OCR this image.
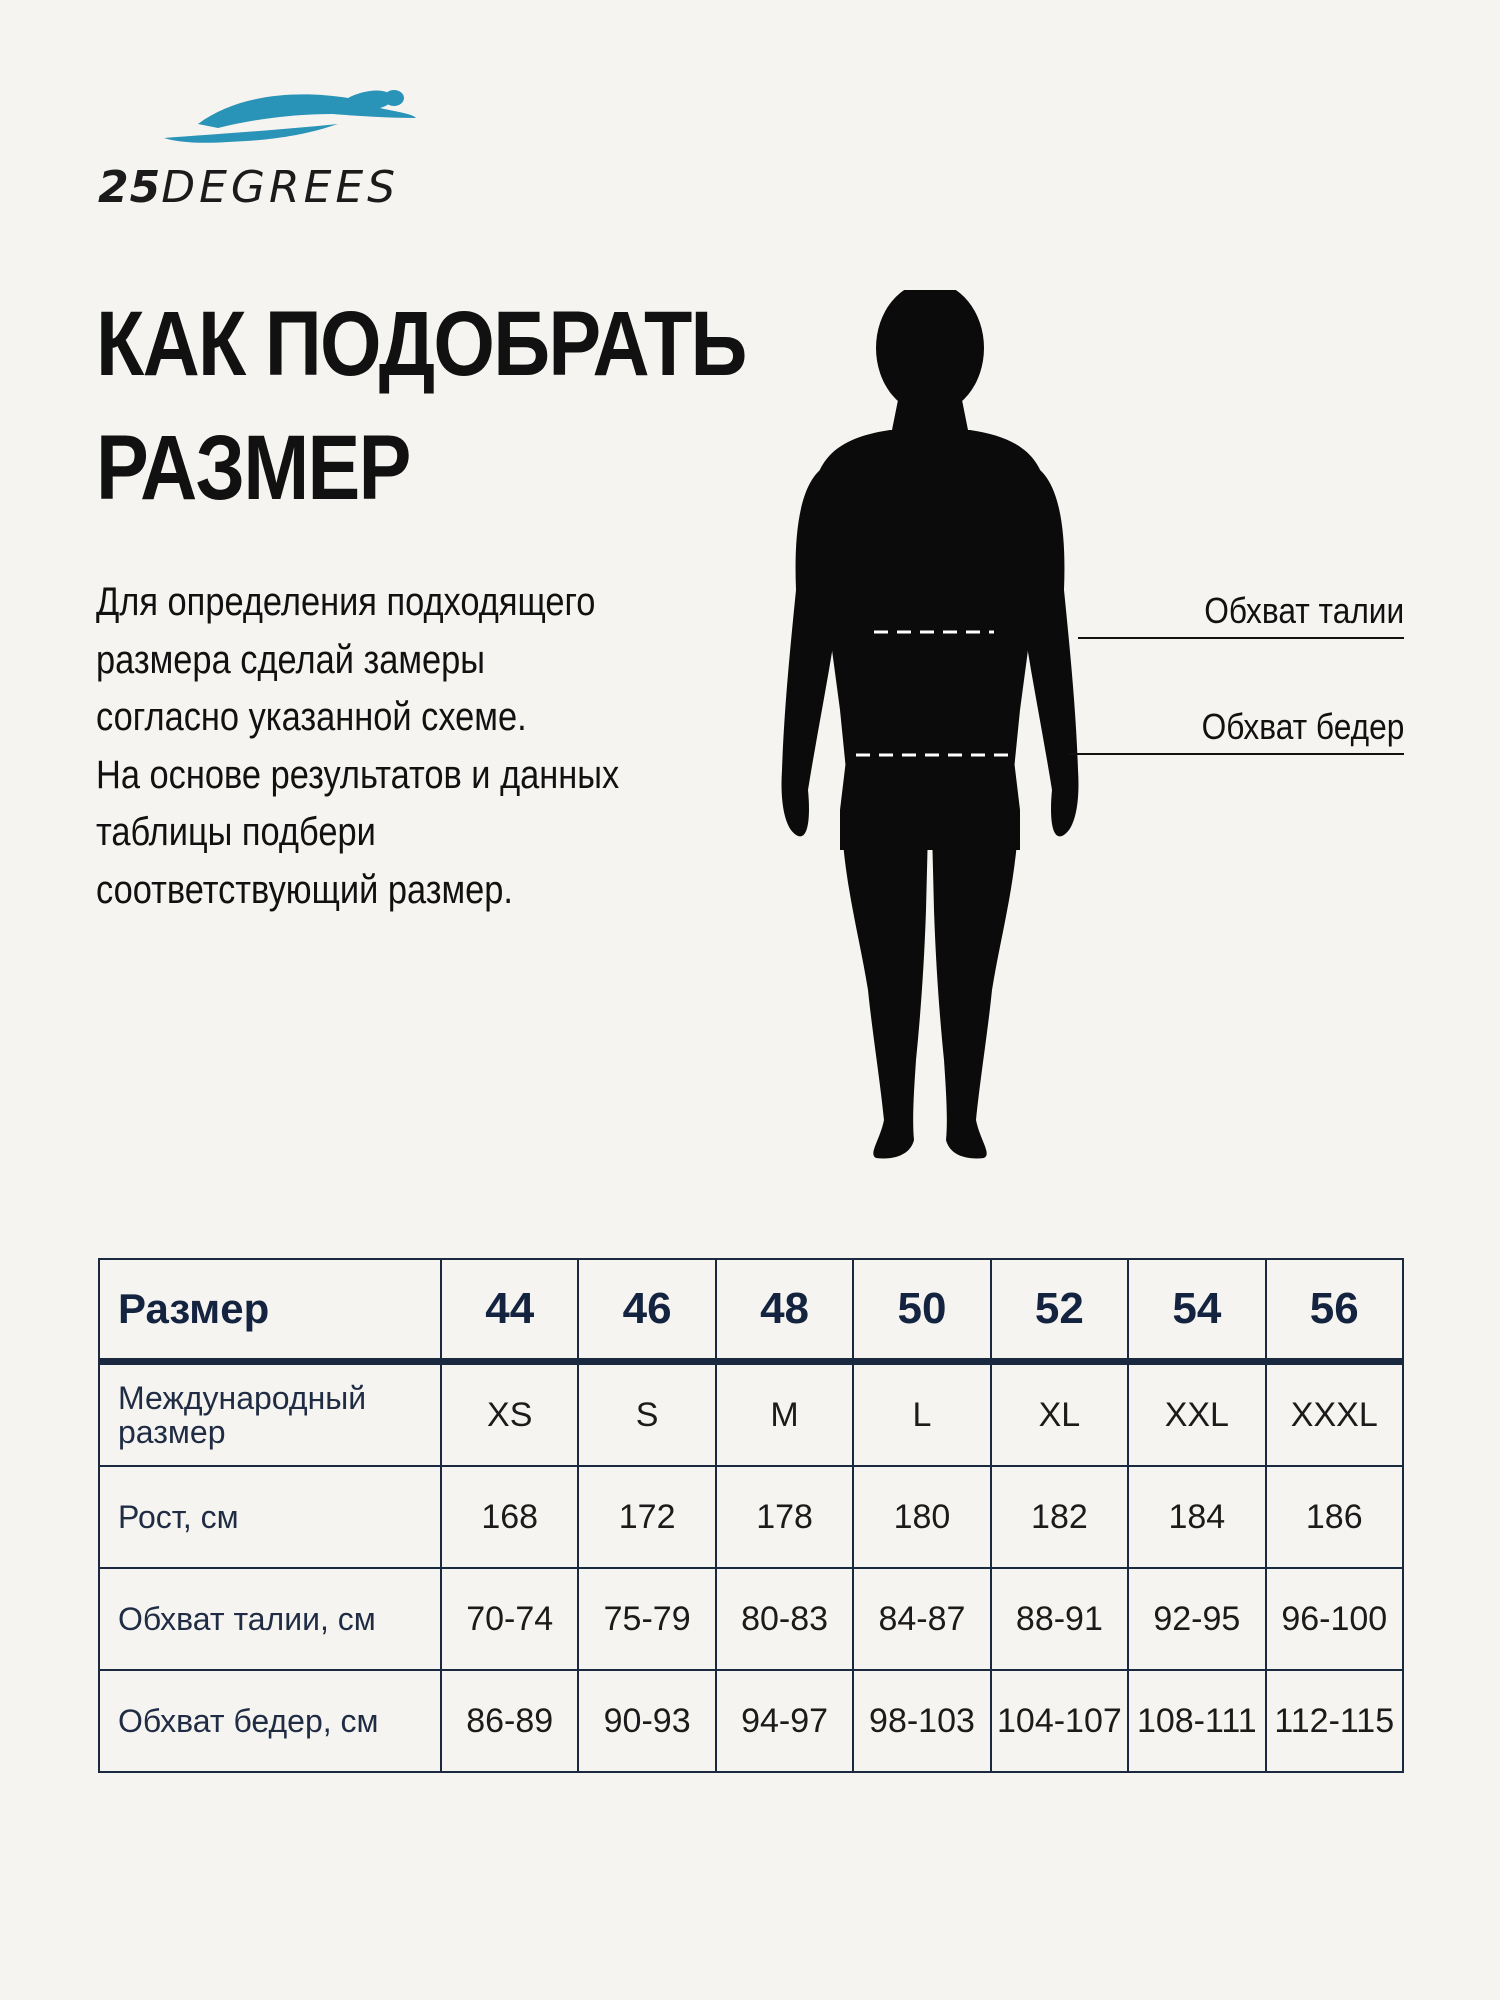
25DEGREES
КАК ПОДОБРАТЬ
РАЗМЕР

Для определения подходящего

размера сделай замеры

согласно указанной схеме.

На основе результатов и данных

таблицы подбери

соответствующий размер.

Обхват талии
Обхват бедер
Размер	44	46	48	50	52	54	56
Международный размер	XS	S	M	L	XL	XXL	XXXL
Рост, см	168	172	178	180	182	184	186
Обхват талии, см	70-74	75-79	80-83	84-87	88-91	92-95	96-100
Обхват бедер, см	86-89	90-93	94-97	98-103	104-107	108-111	112-115
